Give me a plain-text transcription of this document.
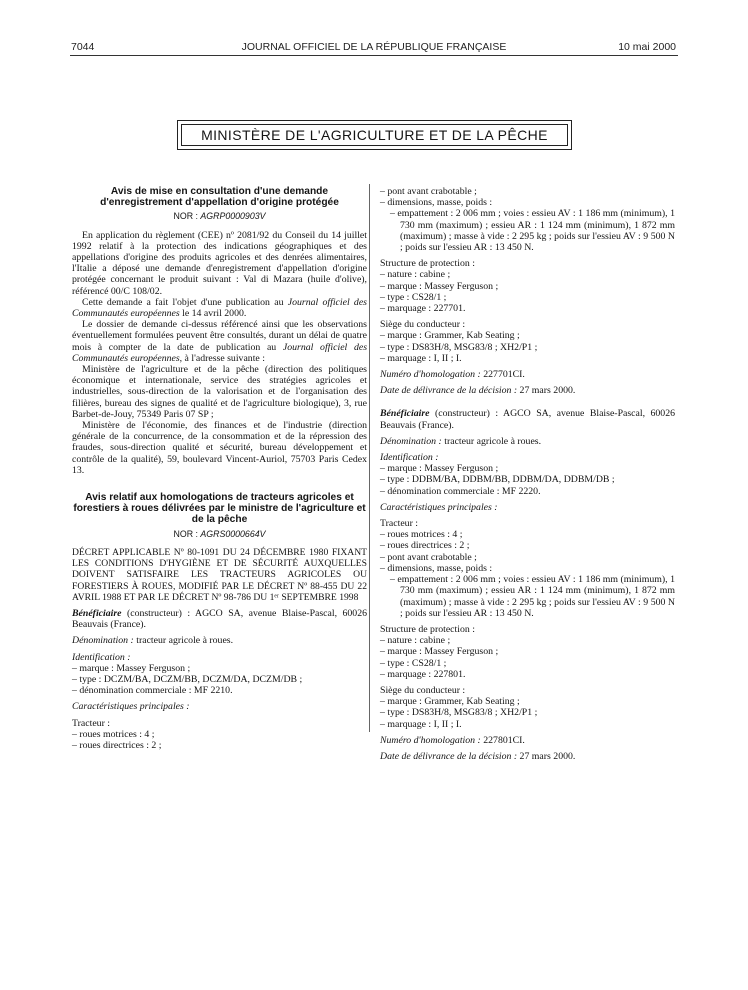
7044	JOURNAL OFFICIEL DE LA RÉPUBLIQUE FRANÇAISE	10 mai 2000
MINISTÈRE DE L'AGRICULTURE ET DE LA PÊCHE

Avis de mise en consultation d'une demande d'enregistrement d'appellation d'origine protégée

NOR : AGRP0000903V

En application du règlement (CEE) nº 2081/92 du Conseil du 14 juillet 1992 relatif à la protection des indications géographiques et des appellations d'origine des produits agricoles et des denrées alimentaires, l'Italie a déposé une demande d'enregistrement d'appellation d'origine protégée concernant le produit suivant : Val di Mazara (huile d'olive), référencé 00/C 108/02.

Cette demande a fait l'objet d'une publication au Journal officiel des Communautés européennes le 14 avril 2000.

Le dossier de demande ci-dessus référencé ainsi que les observations éventuellement formulées peuvent être consultés, durant un délai de quatre mois à compter de la date de publication au Journal officiel des Communautés européennes, à l'adresse suivante :

Ministère de l'agriculture et de la pêche (direction des politiques économique et internationale, service des stratégies agricoles et industrielles, sous-direction de la valorisation et de l'organisation des filières, bureau des signes de qualité et de l'agriculture biologique), 3, rue Barbet-de-Jouy, 75349 Paris 07 SP ;

Ministère de l'économie, des finances et de l'industrie (direction générale de la concurrence, de la consommation et de la répression des fraudes, sous-direction qualité et sécurité, bureau développement et contrôle de la qualité), 59, boulevard Vincent-Auriol, 75703 Paris Cedex 13.

Avis relatif aux homologations de tracteurs agricoles et forestiers à roues délivrées par le ministre de l'agriculture et de la pêche

NOR : AGRS0000664V

DÉCRET APPLICABLE Nº 80-1091 DU 24 DÉCEMBRE 1980 FIXANT LES CONDITIONS D'HYGIÈNE ET DE SÉCURITÉ AUXQUELLES DOIVENT SATISFAIRE LES TRACTEURS AGRICOLES OU FORESTIERS À ROUES, MODIFIÉ PAR LE DÉCRET Nº 88-455 DU 22 AVRIL 1988 ET PAR LE DÉCRET Nº 98-786 DU 1ᵉʳ SEPTEMBRE 1998

Bénéficiaire (constructeur) : AGCO SA, avenue Blaise-Pascal, 60026 Beauvais (France).

Dénomination : tracteur agricole à roues.

Identification :

– marque : Massey Ferguson ;

– type : DCZM/BA, DCZM/BB, DCZM/DA, DCZM/DB ;

– dénomination commerciale : MF 2210.

Caractéristiques principales :

Tracteur :

– roues motrices : 4 ;

– roues directrices : 2 ;

– pont avant crabotable ;

– dimensions, masse, poids :

– empattement : 2 006 mm ; voies : essieu AV : 1 186 mm (minimum), 1 730 mm (maximum) ; essieu AR : 1 124 mm (minimum), 1 872 mm (maximum) ; masse à vide : 2 295 kg ; poids sur l'essieu AV : 9 500 N ; poids sur l'essieu AR : 13 450 N.

Structure de protection :

– nature : cabine ;

– marque : Massey Ferguson ;

– type : CS28/1 ;

– marquage : 227701.

Siège du conducteur :

– marque : Grammer, Kab Seating ;

– type : DS83H/8, MSG83/8 ; XH2/P1 ;

– marquage : I, II ; I.

Numéro d'homologation : 227701CI.

Date de délivrance de la décision : 27 mars 2000.

Bénéficiaire (constructeur) : AGCO SA, avenue Blaise-Pascal, 60026 Beauvais (France).

Dénomination : tracteur agricole à roues.

Identification :

– marque : Massey Ferguson ;

– type : DDBM/BA, DDBM/BB, DDBM/DA, DDBM/DB ;

– dénomination commerciale : MF 2220.

Caractéristiques principales :

Tracteur :

– roues motrices : 4 ;

– roues directrices : 2 ;

– pont avant crabotable ;

– dimensions, masse, poids :

– empattement : 2 006 mm ; voies : essieu AV : 1 186 mm (minimum), 1 730 mm (maximum) ; essieu AR : 1 124 mm (minimum), 1 872 mm (maximum) ; masse à vide : 2 295 kg ; poids sur l'essieu AV : 9 500 N ; poids sur l'essieu AR : 13 450 N.

Structure de protection :

– nature : cabine ;

– marque : Massey Ferguson ;

– type : CS28/1 ;

– marquage : 227801.

Siège du conducteur :

– marque : Grammer, Kab Seating ;

– type : DS83H/8, MSG83/8 ; XH2/P1 ;

– marquage : I, II ; I.

Numéro d'homologation : 227801CI.

Date de délivrance de la décision : 27 mars 2000.
